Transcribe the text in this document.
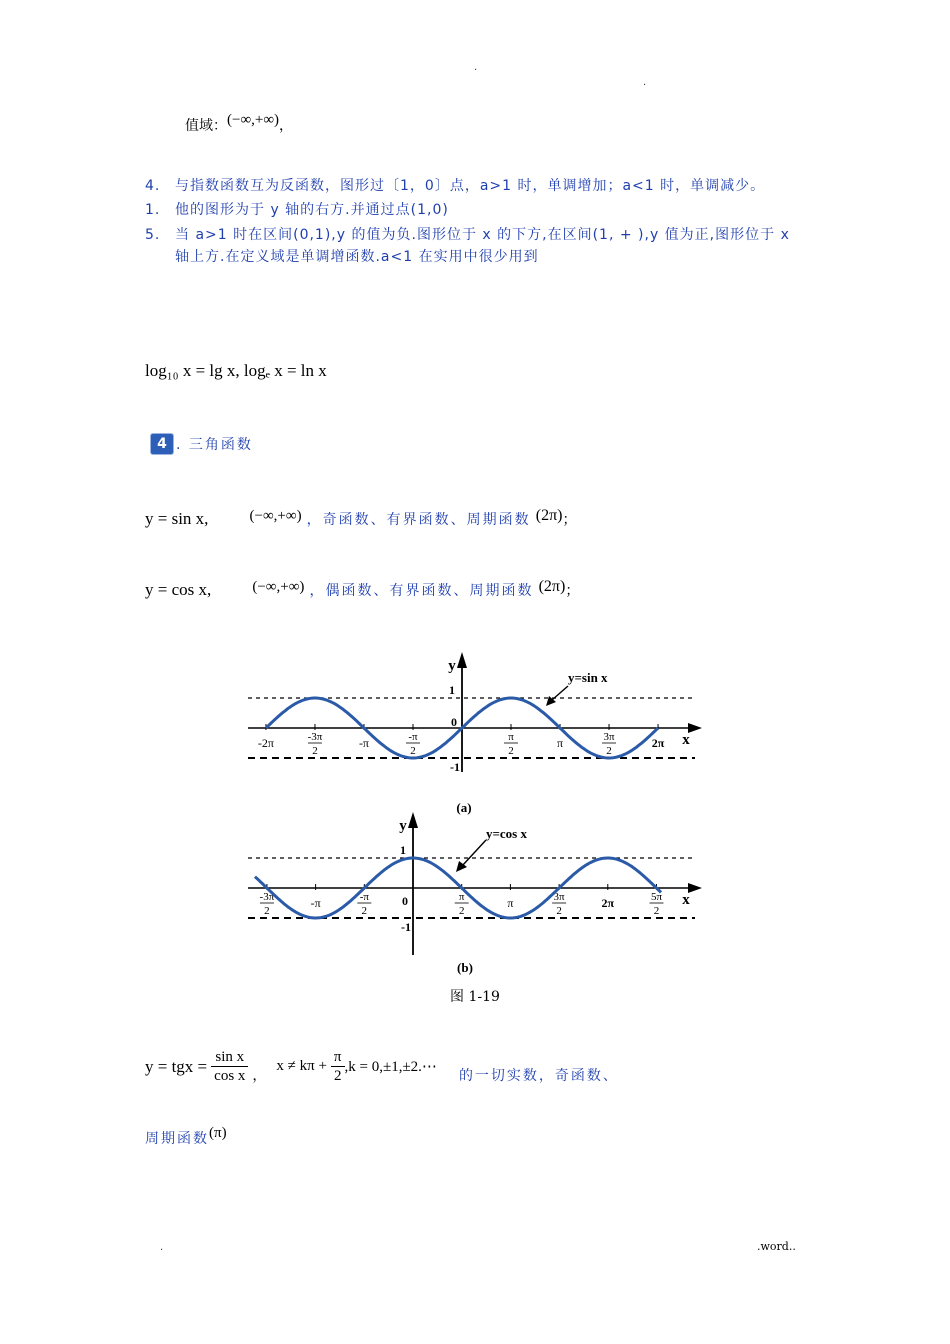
.
.
值域：(−∞,+∞)，
4. 与指数函数互为反函数，图形过〔1，0〕点，a>1 时，单调增加；a<1 时，单调减少。
1. 他的图形为于 y 轴的右方.并通过点(1,0)
5. 当 a>1 时在区间(0,1),y 的值为负.图形位于 x 的下方,在区间(1, + ),y 值为正,图形位于 x
轴上方.在定义域是单调增函数.a<1 在实用中很少用到
log₁₀ x = lg x, logₑ x = ln x
4 . 三角函数
y = sin x,	(−∞,+∞) ，奇函数、有界函数、周期函数 (2π)；
y = cos x,	(−∞,+∞) ，偶函数、有界函数、周期函数 (2π)；
x
y
1
0
-1
-2π	-3π
2
-π	-π
2
π
2
π	3π
2
2π
y=sin x
(a)
x
y
1
0
-1
-3π
2
-π	-π
2
π
2
π	3π
2
2π	5π
2
y=cos x
(b)
图 1-19
y = tgx = $\frac{\text{sin x}}{\text{cos x}}$ ，
$x \ne k\pi + \frac{\pi}{2} ,k$ = 0,±1,±2.⋯
的一切实数，奇函数、
周期函数(π)
.	.word..
